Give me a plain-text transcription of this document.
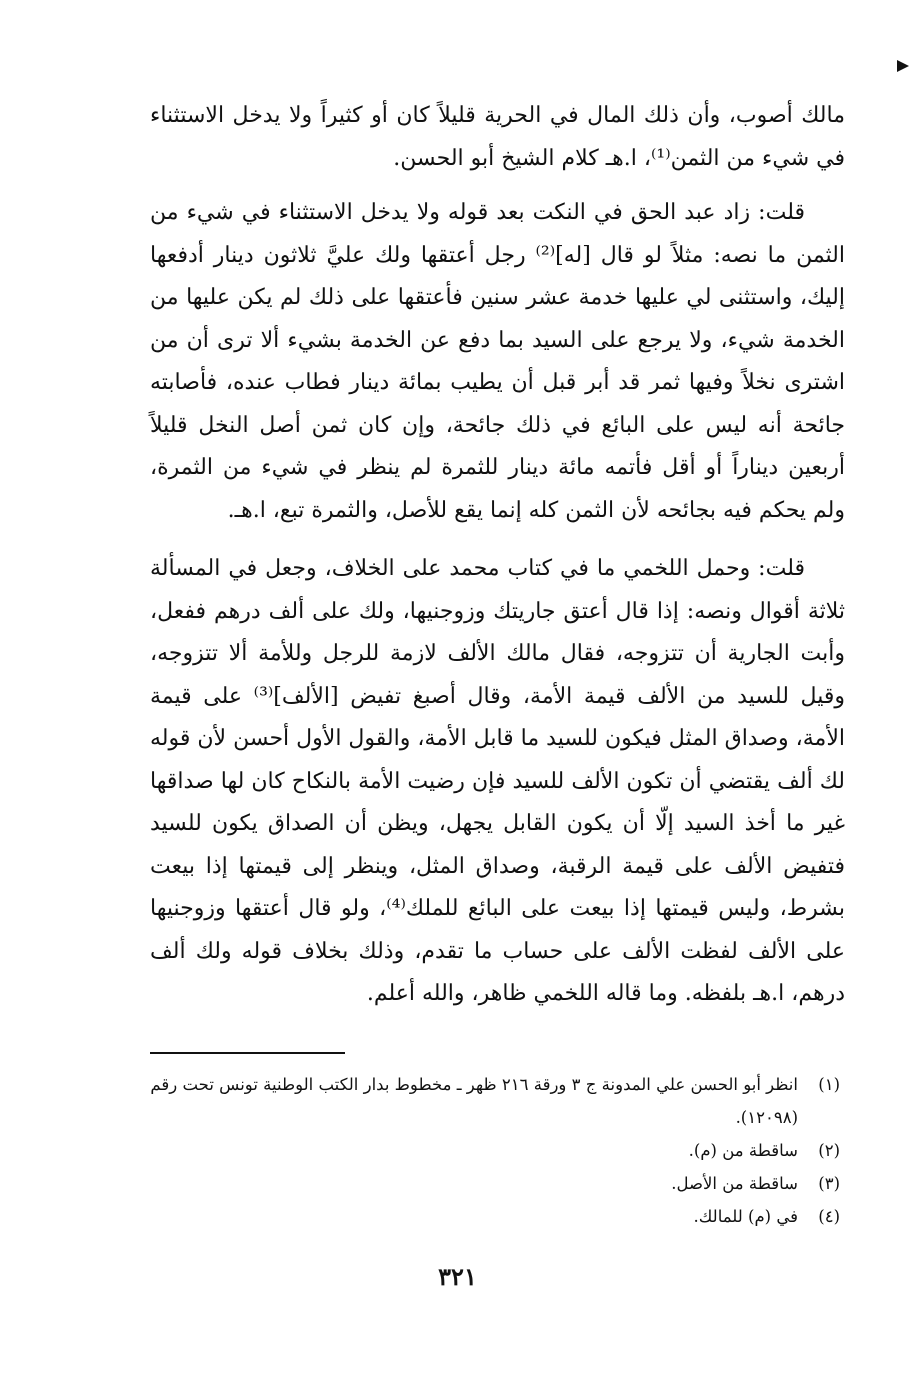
مالك أصوب، وأن ذلك المال في الحرية قليلاً كان أو كثيراً ولا يدخل الاستثناء في شيء من الثمن⁽¹⁾، ا.هـ كلام الشيخ أبو الحسن.

قلت: زاد عبد الحق في النكت بعد قوله ولا يدخل الاستثناء في شيء من الثمن ما نصه: مثلاً لو قال [له]⁽²⁾ رجل أعتقها ولك عليَّ ثلاثون دينار أدفعها إليك، واستثنى لي عليها خدمة عشر سنين فأعتقها على ذلك لم يكن عليها من الخدمة شيء، ولا يرجع على السيد بما دفع عن الخدمة بشيء ألا ترى أن من اشترى نخلاً وفيها ثمر قد أبر قبل أن يطيب بمائة دينار فطاب عنده، فأصابته جائحة أنه ليس على البائع في ذلك جائحة، وإن كان ثمن أصل النخل قليلاً أربعين ديناراً أو أقل فأتمه مائة دينار للثمرة لم ينظر في شيء من الثمرة، ولم يحكم فيه بجائحه لأن الثمن كله إنما يقع للأصل، والثمرة تبع، ا.هـ.

قلت: وحمل اللخمي ما في كتاب محمد على الخلاف، وجعل في المسألة ثلاثة أقوال ونصه: إذا قال أعتق جاريتك وزوجنيها، ولك على ألف درهم ففعل، وأبت الجارية أن تتزوجه، فقال مالك الألف لازمة للرجل وللأمة ألا تتزوجه، وقيل للسيد من الألف قيمة الأمة، وقال أصبغ تفيض [الألف]⁽³⁾ على قيمة الأمة، وصداق المثل فيكون للسيد ما قابل الأمة، والقول الأول أحسن لأن قوله لك ألف يقتضي أن تكون الألف للسيد فإن رضيت الأمة بالنكاح كان لها صداقها غير ما أخذ السيد إلّا أن يكون القابل يجهل، ويظن أن الصداق يكون للسيد فتفيض الألف على قيمة الرقبة، وصداق المثل، وينظر إلى قيمتها إذا بيعت بشرط، وليس قيمتها إذا بيعت على البائع للملك⁽⁴⁾، ولو قال أعتقها وزوجنيها على الألف لفظت الألف على حساب ما تقدم، وذلك بخلاف قوله ولك ألف درهم، ا.هـ بلفظه. وما قاله اللخمي ظاهر، والله أعلم.

(١)
انظر أبو الحسن علي المدونة ج ٣ ورقة ٢١٦ ظهر ـ مخطوط بدار الكتب الوطنية تونس تحت رقم (١٢٠٩٨).
(٢)
ساقطة من (م).
(٣)
ساقطة من الأصل.
(٤)
في (م) للمالك.
٣٢١
